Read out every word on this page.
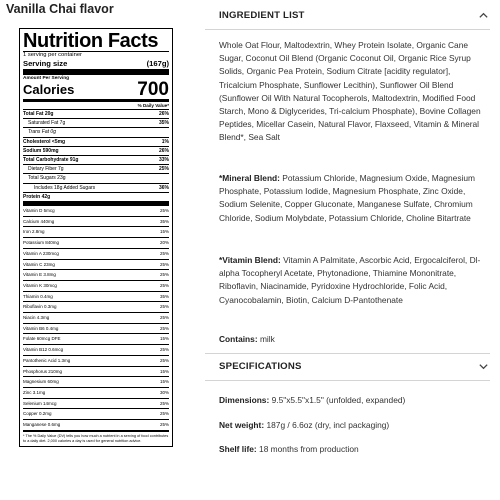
Vanilla Chai flavor
Nutrition Facts
1 serving per container
Serving size	(167g)
Amount Per Serving
Calories	700
% Daily Value*
Total Fat 20g	26%
Saturated Fat 7g	35%
Trans Fat 0g
Cholesterol <5mg	1%
Sodium 590mg	26%
Total Carbohydrate 91g	33%
Dietary Fiber 7g	25%
Total Sugars 23g
Includes 18g Added Sugars	36%
Protein 42g
Vitamin D 5mcg	25%
Calcium 440mg	35%
Iron 2.8mg	15%
Potassium 840mg	20%
Vitamin A 230mcg	25%
Vitamin C 23mg	25%
Vitamin E 3.8mg	25%
Vitamin K 30mcg	25%
Thiamin 0.4mg	35%
Riboflavin 0.3mg	25%
Niacin 4.3mg	25%
Vitamin B6 0.4mg	25%
Folate 60mcg DFE	15%
Vitamin B12 0.6mcg	25%
Pantothenic Acid 1.3mg	25%
Phosphorus 210mg	15%
Magnesium 60mg	15%
Zinc 3.1mg	30%
Selenium 14mcg	25%
Copper 0.2mg	25%
Manganese 0.6mg	25%
* The % Daily Value (DV) tells you how much a nutrient in a serving of food contributes to a daily diet. 2,000 calories a day is used for general nutrition advice.
INGREDIENT LIST
Whole Oat Flour, Maltodextrin, Whey Protein Isolate, Organic Cane Sugar, Coconut Oil Blend (Organic Coconut Oil, Organic Rice Syrup Solids, Organic Pea Protein, Sodium Citrate [acidity regulator], Tricalcium Phosphate, Sunflower Lecithin), Sunflower Oil Blend (Sunflower Oil With Natural Tocopherols, Maltodextrin, Modified Food Starch, Mono & Diglycerides, Tri-calcium Phosphate), Bovine Collagen Peptides, Micellar Casein, Natural Flavor, Flaxseed, Vitamin & Mineral Blend*, Sea Salt
*Mineral Blend: Potassium Chloride, Magnesium Oxide, Magnesium Phosphate, Potassium Iodide, Magnesium Phosphate, Zinc Oxide, Sodium Selenite, Copper Gluconate, Manganese Sulfate, Chromium Chloride, Sodium Molybdate, Potassium Chloride, Choline Bitartrate
*Vitamin Blend: Vitamin A Palmitate, Ascorbic Acid, Ergocalciferol, Dl-alpha Tocopheryl Acetate, Phytonadione, Thiamine Mononitrate, Riboflavin, Niacinamide, Pyridoxine Hydrochloride, Folic Acid, Cyanocobalamin, Biotin, Calcium D-Pantothenate
Contains: milk
SPECIFICATIONS
Dimensions: 9.5"x5.5"x1.5" (unfolded, expanded)
Net weight: 187g / 6.6oz (dry, incl packaging)
Shelf life: 18 months from production
